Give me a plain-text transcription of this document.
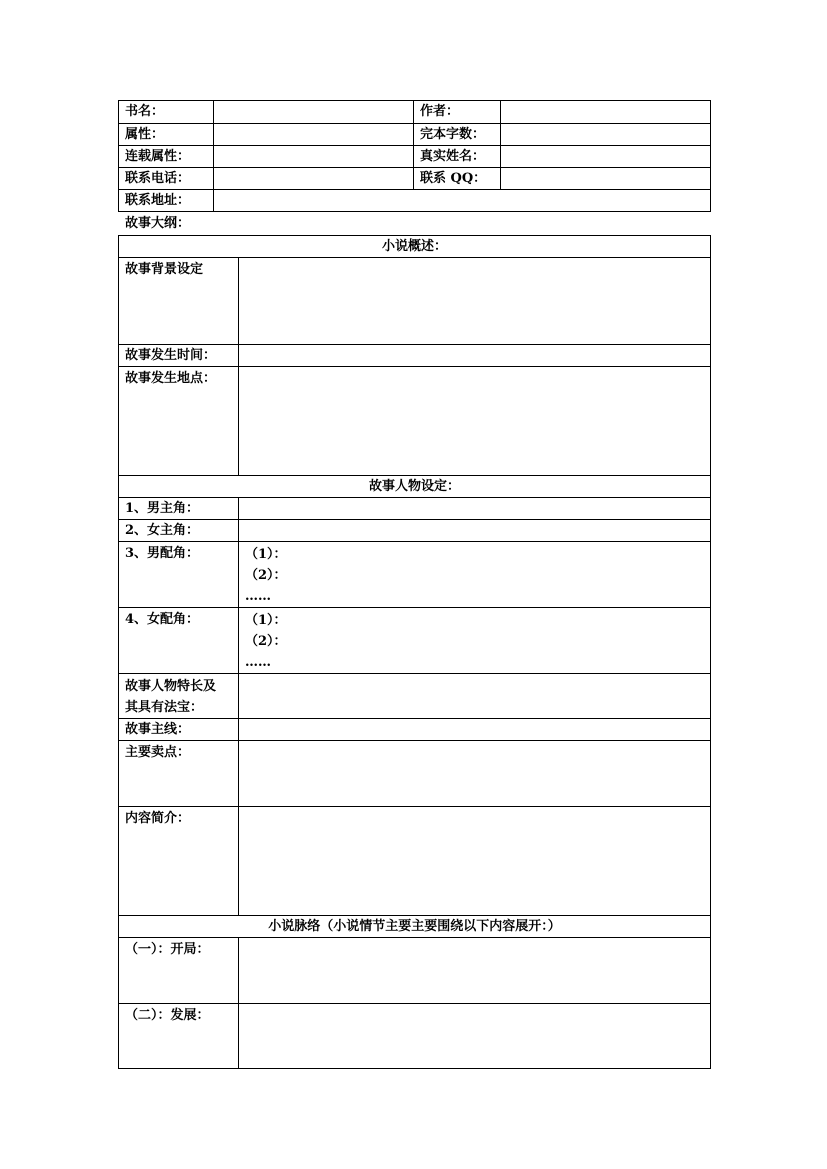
书名：		作者：	
属性：		完本字数：	
连载属性：		真实姓名：	
联系电话：		联系 QQ：	
联系地址：			
故事大纲：
小说概述：	
故事背景设定	
故事发生时间：	
故事发生地点：	
故事人物设定：	
1、男主角：	
2、女主角：	
3、男配角：	（1）：
（2）：
……

4、女配角：	（1）：
（2）：
……

故事人物特长及
其具有法宝：	

故事主线：	
主要卖点：	
内容简介：	
小说脉络（小说情节主要主要围绕以下内容展开：）	
（一）：开局：	
（二）：发展：	
